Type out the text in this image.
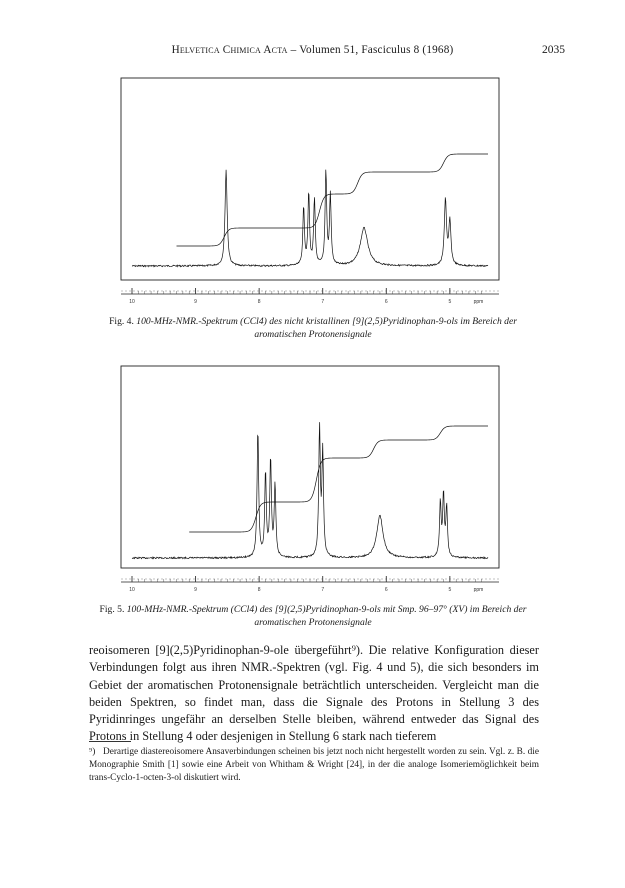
Helvetica Chimica Acta – Volumen 51, Fasciculus 8 (1968)	2035
10	9	8	7	6	5	ppm
Fig. 4. 100-MHz-NMR.-Spektrum (CCl4) des nicht kristallinen [9](2,5)Pyridinophan-9-ols im Bereich der aromatischen Protonensignale
10	9	8	7	6	5	ppm
Fig. 5. 100-MHz-NMR.-Spektrum (CCl4) des [9](2,5)Pyridinophan-9-ols mit Smp. 96–97° (XV) im Bereich der aromatischen Protonensignale

reoisomeren [9](2,5)Pyridinophan-9-ole übergeführt⁹). Die relative Konfiguration dieser Verbindungen folgt aus ihren NMR.-Spektren (vgl. Fig. 4 und 5), die sich besonders im Gebiet der aromatischen Protonensignale beträchtlich unterscheiden. Vergleicht man die beiden Spektren, so findet man, dass die Signale des Protons in Stellung 3 des Pyridinringes ungefähr an derselben Stelle bleiben, während entweder das Signal des Protons in Stellung 4 oder desjenigen in Stellung 6 stark nach tieferem

⁹) Derartige diastereoisomere Ansaverbindungen scheinen bis jetzt noch nicht hergestellt worden zu sein. Vgl. z. B. die Monographie Smith [1] sowie eine Arbeit von Whitham & Wright [24], in der die analoge Isomeriemöglichkeit beim trans-Cyclo-1-octen-3-ol diskutiert wird.
